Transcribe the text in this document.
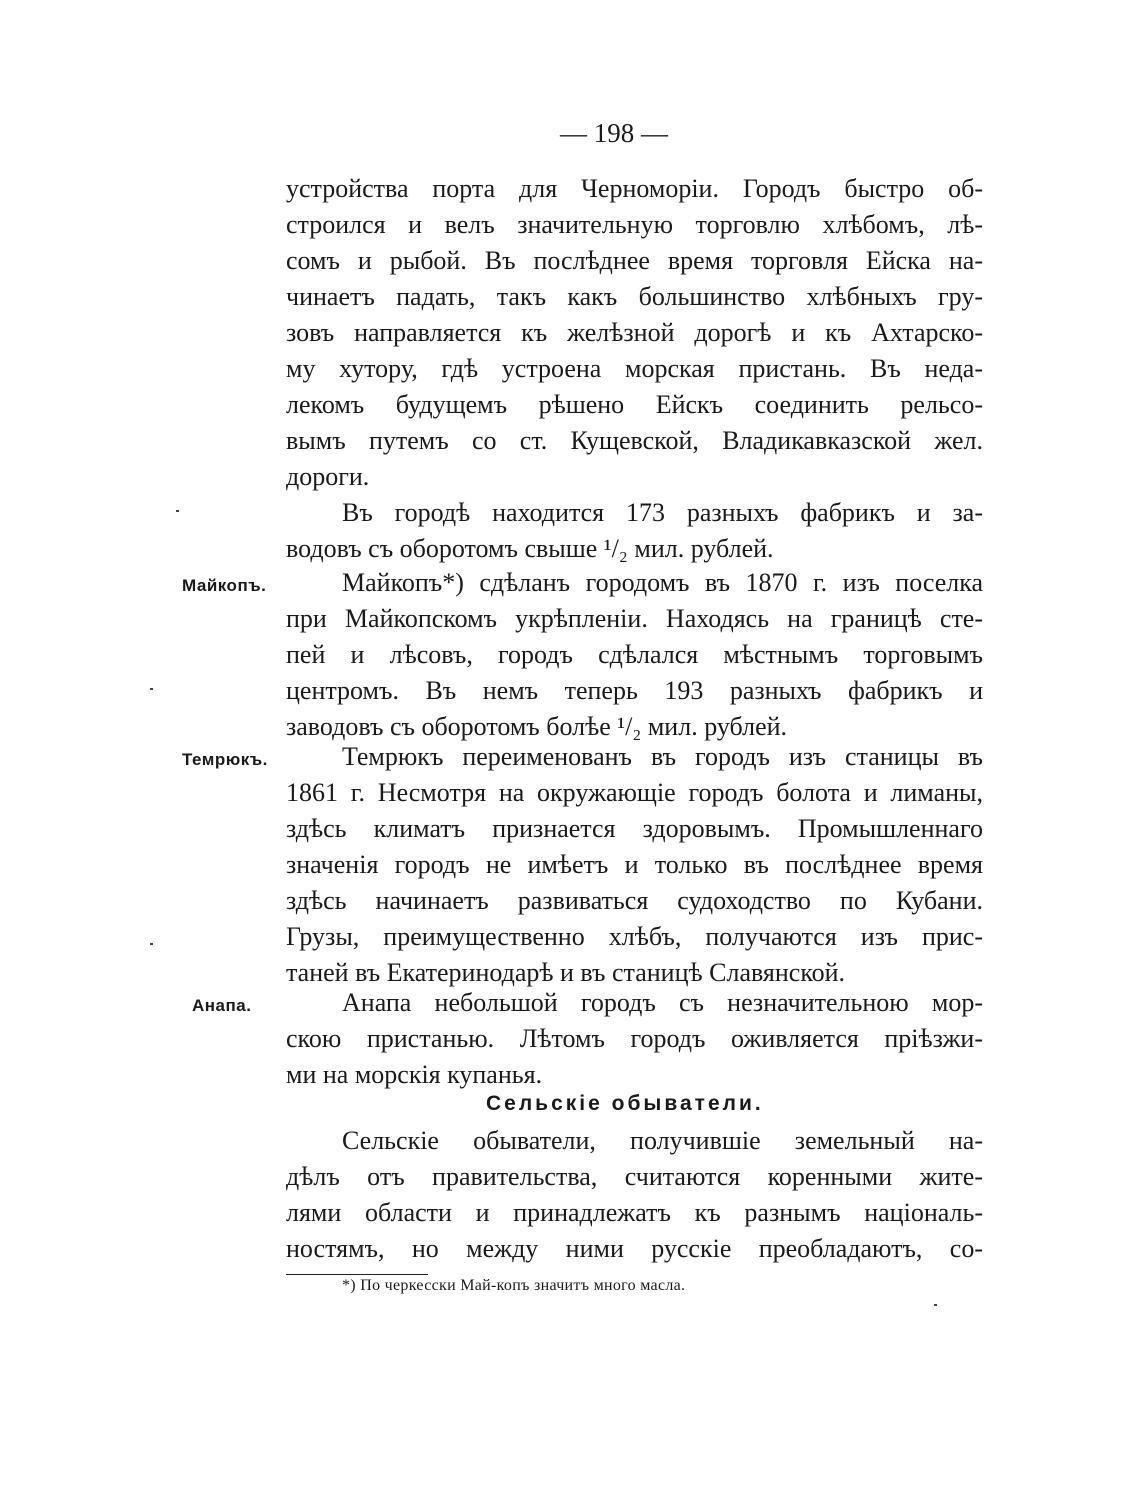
— 198 —
устройства порта для Черноморіи. Городъ быстро об-
строился и велъ значительную торговлю хлѣбомъ, лѣ-
сомъ и рыбой. Въ послѣднее время торговля Ейска на-
чинаетъ падать, такъ какъ большинство хлѣбныхъ гру-
зовъ направляется къ желѣзной дорогѣ и къ Ахтарско-
му хутору, гдѣ устроена морская пристань. Въ неда-
лекомъ будущемъ рѣшено Ейскъ соединить рельсо-
вымъ путемъ со ст. Кущевской, Владикавказской жел.
дороги.
Въ городѣ находится 173 разныхъ фабрикъ и за-
водовъ съ оборотомъ свыше ¹/₂ мил. рублей.
Майкопъ.	Майкопъ*) сдѣланъ городомъ въ 1870 г. изъ поселка
при Майкопскомъ укрѣпленіи. Находясь на границѣ сте-
пей и лѣсовъ, городъ сдѣлался мѣстнымъ торговымъ
центромъ. Въ немъ теперь 193 разныхъ фабрикъ и
заводовъ съ оборотомъ болѣе ¹/₂ мил. рублей.
Темрюкъ.	Темрюкъ переименованъ въ городъ изъ станицы въ
1861 г. Несмотря на окружающіе городъ болота и лиманы,
здѣсь климатъ признается здоровымъ. Промышленнаго
значенія городъ не имѣетъ и только въ послѣднее время
здѣсь начинаетъ развиваться судоходство по Кубани.
Грузы, преимущественно хлѣбъ, получаются изъ прис-
таней въ Екатеринодарѣ и въ станицѣ Славянской.
Анапа.	Анапа небольшой городъ съ незначительною мор-
скою пристанью. Лѣтомъ городъ оживляется пріѣзжи-
ми на морскія купанья.
Сельскіе обыватели.
Сельскіе обыватели, получившіе земельный на-
дѣлъ отъ правительства, считаются коренными жите-
лями области и принадлежатъ къ разнымъ національ-
ностямъ, но между ними русскіе преобладаютъ, со-
*) По черкесски Май-копъ значитъ много масла.
